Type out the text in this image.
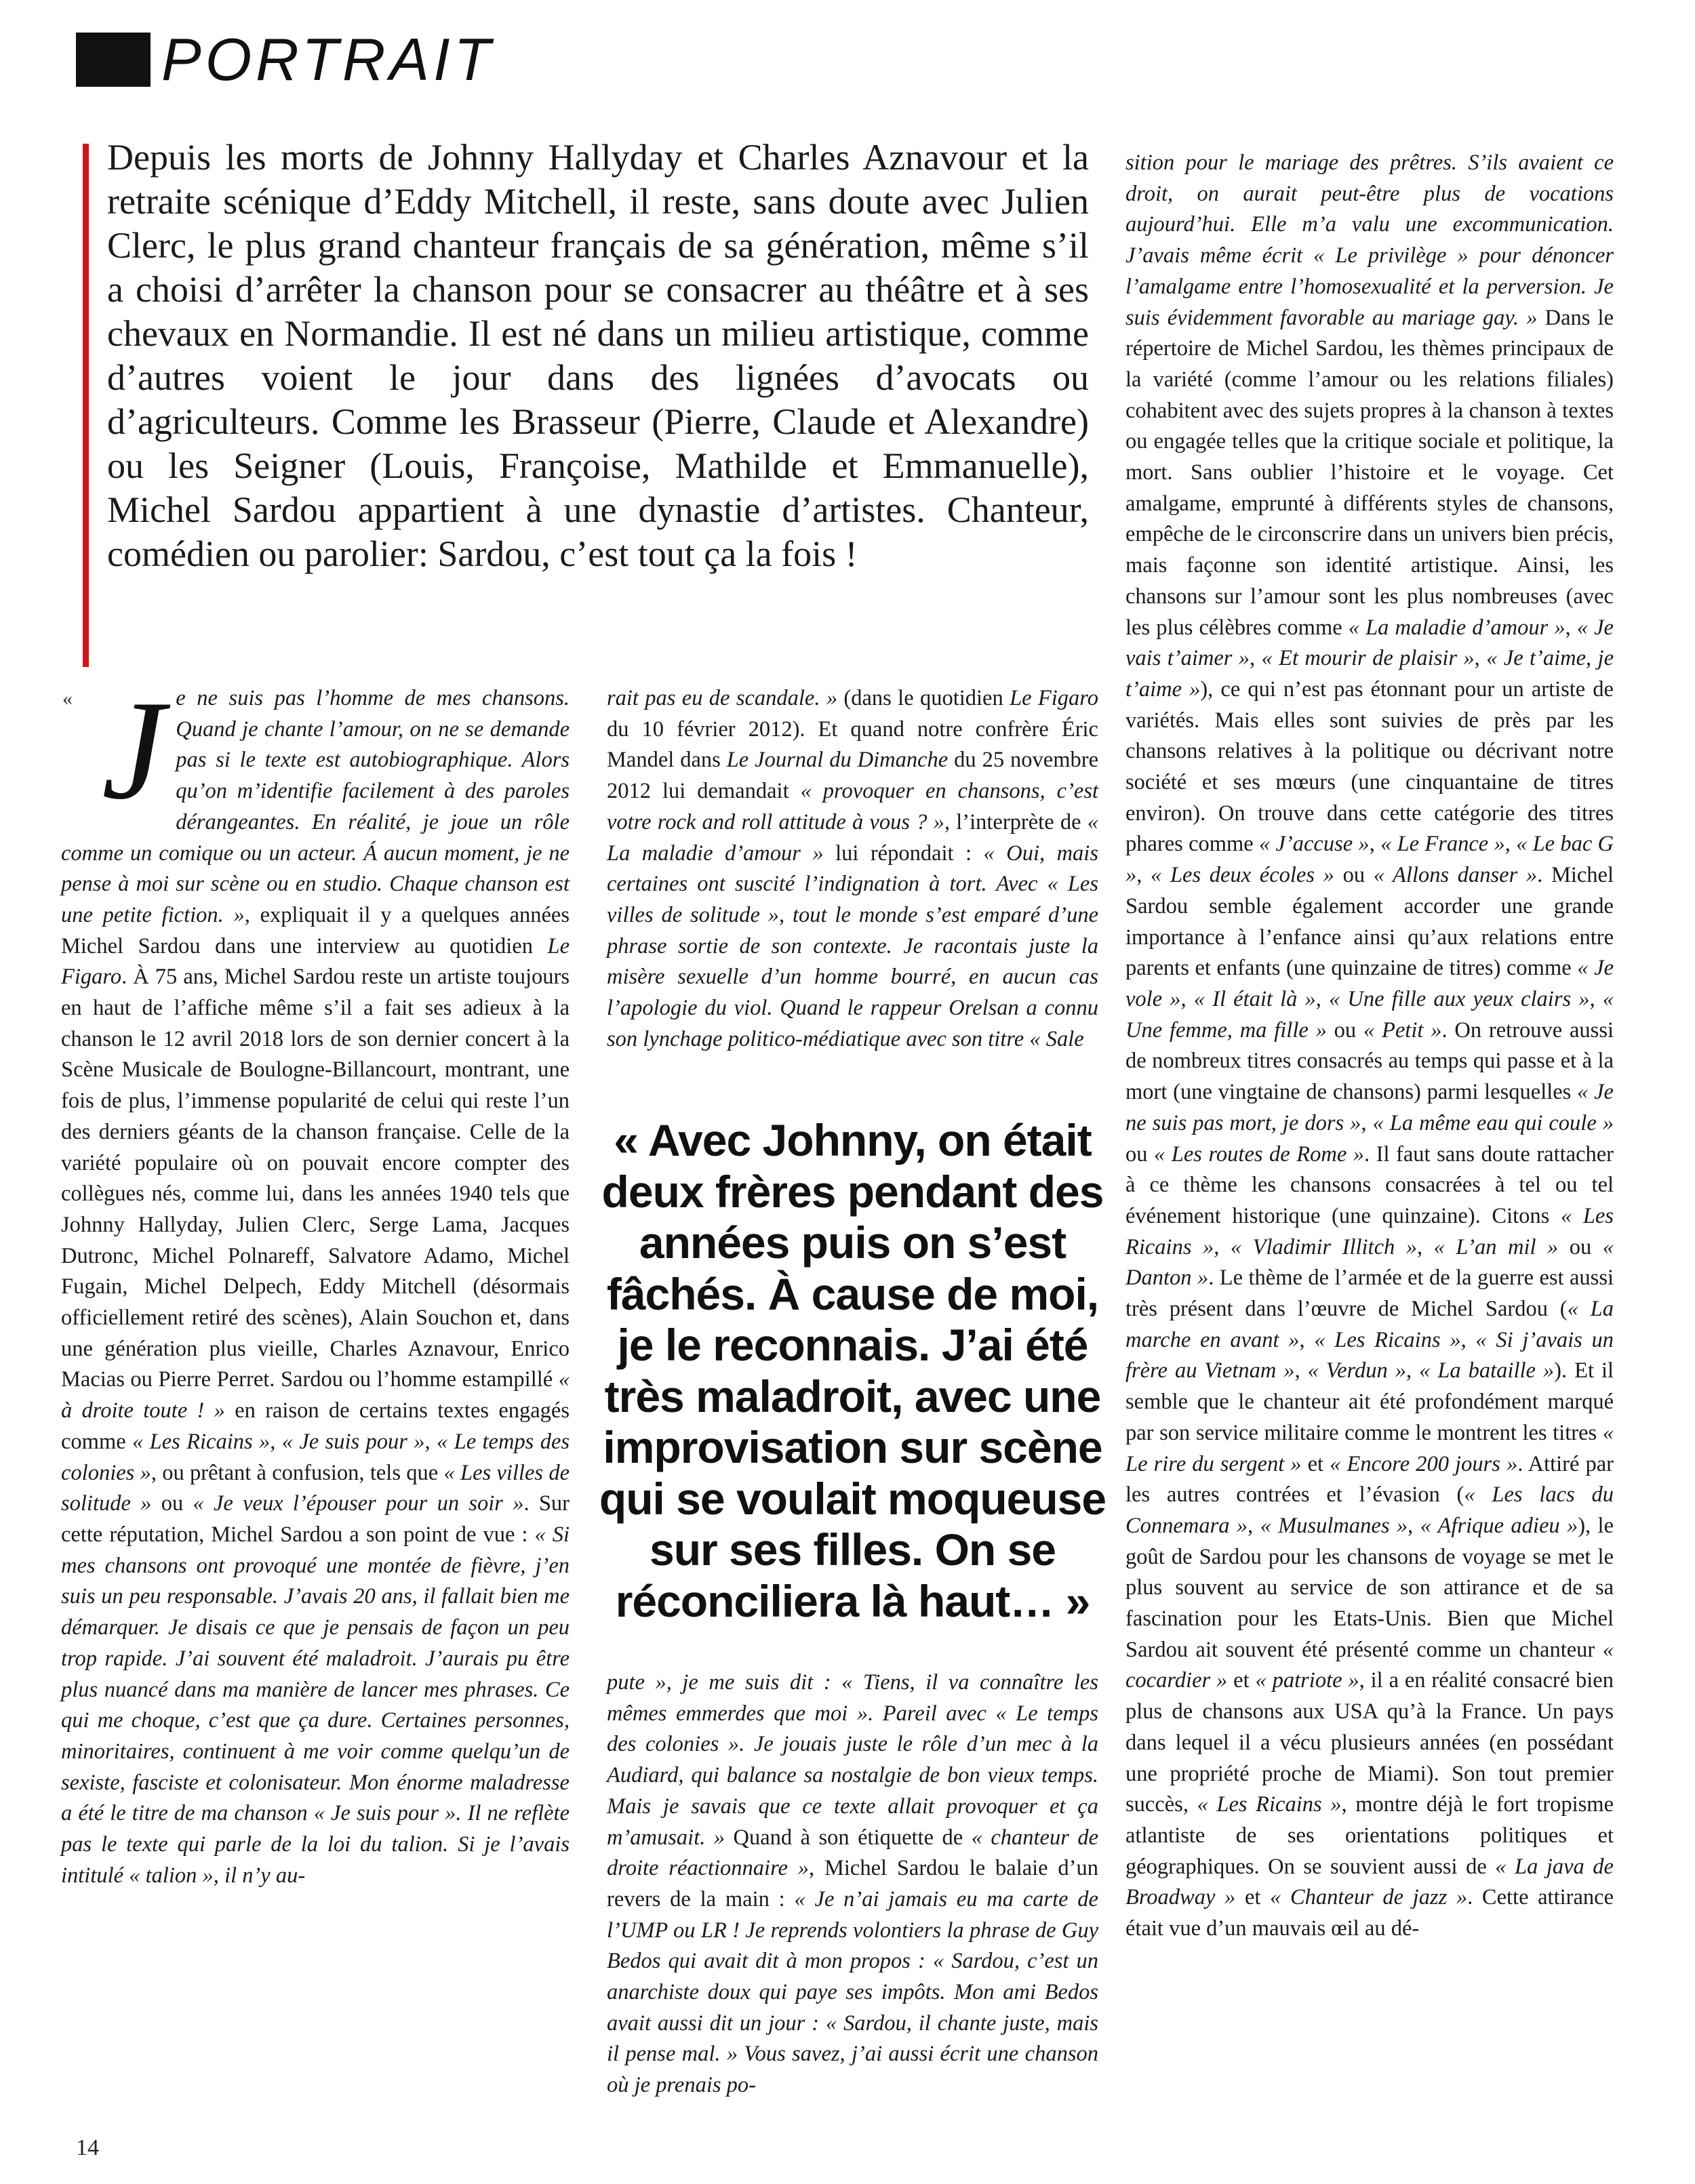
PORTRAIT

Depuis les morts de Johnny Hallyday et Charles Aznavour et la retraite scénique d’Eddy Mitchell, il reste, sans doute avec Julien Clerc, le plus grand chanteur français de sa génération, même s’il a choisi d’arrêter la chanson pour se consacrer au théâtre et à ses chevaux en Normandie. Il est né dans un milieu artistique, comme d’autres voient le jour dans des lignées d’avocats ou d’agriculteurs. Comme les Brasseur (Pierre, Claude et Alexandre) ou les Seigner (Louis, Françoise, Mathilde et Emmanuelle), Michel Sardou appartient à une dynastie d’artistes. Chanteur, comédien ou parolier: Sardou, c’est tout ça la fois !

« Je ne suis pas l’homme de mes chansons. Quand je chante l’amour, on ne se demande pas si le texte est autobiographique. Alors qu’on m’identifie facilement à des paroles dérangeantes. En réalité, je joue un rôle comme un comique ou un acteur. Á aucun moment, je ne pense à moi sur scène ou en studio. Chaque chanson est une petite fiction. », expliquait il y a quelques années Michel Sardou dans une interview au quotidien Le Figaro. À 75 ans, Michel Sardou reste un artiste toujours en haut de l’affiche même s’il a fait ses adieux à la chanson le 12 avril 2018 lors de son dernier concert à la Scène Musicale de Boulogne-Billancourt, montrant, une fois de plus, l’immense popularité de celui qui reste l’un des derniers géants de la chanson française. Celle de la variété populaire où on pouvait encore compter des collègues nés, comme lui, dans les années 1940 tels que Johnny Hallyday, Julien Clerc, Serge Lama, Jacques Dutronc, Michel Polnareff, Salvatore Adamo, Michel Fugain, Michel Delpech, Eddy Mitchell (désormais officiellement retiré des scènes), Alain Souchon et, dans une génération plus vieille, Charles Aznavour, Enrico Macias ou Pierre Perret. Sardou ou l’homme estampillé « à droite toute ! » en raison de certains textes engagés comme « Les Ricains », « Je suis pour », « Le temps des colonies », ou prêtant à confusion, tels que « Les villes de solitude » ou « Je veux l’épouser pour un soir ». Sur cette réputation, Michel Sardou a son point de vue : « Si mes chansons ont provoqué une montée de fièvre, j’en suis un peu responsable. J’avais 20 ans, il fallait bien me démarquer. Je disais ce que je pensais de façon un peu trop rapide. J’ai souvent été maladroit. J’aurais pu être plus nuancé dans ma manière de lancer mes phrases. Ce qui me choque, c’est que ça dure. Certaines personnes, minoritaires, continuent à me voir comme quelqu’un de sexiste, fasciste et colonisateur. Mon énorme maladresse a été le titre de ma chanson « Je suis pour ». Il ne reflète pas le texte qui parle de la loi du talion. Si je l’avais intitulé « talion », il n’y au-

rait pas eu de scandale. » (dans le quotidien Le Figaro du 10 février 2012). Et quand notre confrère Éric Mandel dans Le Journal du Dimanche du 25 novembre 2012 lui demandait « provoquer en chansons, c’est votre rock and roll attitude à vous ? », l’interprète de « La maladie d’amour » lui répondait : « Oui, mais certaines ont suscité l’indignation à tort. Avec « Les villes de solitude », tout le monde s’est emparé d’une phrase sortie de son contexte. Je racontais juste la misère sexuelle d’un homme bourré, en aucun cas l’apologie du viol. Quand le rappeur Orelsan a connu son lynchage politico-médiatique avec son titre « Sale

« Avec Johnny, on était deux frères pendant des années puis on s’est fâchés. À cause de moi, je le reconnais. J’ai été très maladroit, avec une improvisation sur scène qui se voulait moqueuse sur ses filles. On se réconciliera là haut… »

pute », je me suis dit : « Tiens, il va connaître les mêmes emmerdes que moi ». Pareil avec « Le temps des colonies ». Je jouais juste le rôle d’un mec à la Audiard, qui balance sa nostalgie de bon vieux temps. Mais je savais que ce texte allait provoquer et ça m’amusait. » Quand à son étiquette de « chanteur de droite réactionnaire », Michel Sardou le balaie d’un revers de la main : « Je n’ai jamais eu ma carte de l’UMP ou LR ! Je reprends volontiers la phrase de Guy Bedos qui avait dit à mon propos : « Sardou, c’est un anarchiste doux qui paye ses impôts. Mon ami Bedos avait aussi dit un jour : « Sardou, il chante juste, mais il pense mal. » Vous savez, j’ai aussi écrit une chanson où je prenais po-

sition pour le mariage des prêtres. S’ils avaient ce droit, on aurait peut-être plus de vocations aujourd’hui. Elle m’a valu une excommunication. J’avais même écrit « Le privilège » pour dénoncer l’amalgame entre l’homosexualité et la perversion. Je suis évidemment favorable au mariage gay. » Dans le répertoire de Michel Sardou, les thèmes principaux de la variété (comme l’amour ou les relations filiales) cohabitent avec des sujets propres à la chanson à textes ou engagée telles que la critique sociale et politique, la mort. Sans oublier l’histoire et le voyage. Cet amalgame, emprunté à différents styles de chansons, empêche de le circonscrire dans un univers bien précis, mais façonne son identité artistique. Ainsi, les chansons sur l’amour sont les plus nombreuses (avec les plus célèbres comme « La maladie d’amour », « Je vais t’aimer », « Et mourir de plaisir », « Je t’aime, je t’aime »), ce qui n’est pas étonnant pour un artiste de variétés. Mais elles sont suivies de près par les chansons relatives à la politique ou décrivant notre société et ses mœurs (une cinquantaine de titres environ). On trouve dans cette catégorie des titres phares comme « J’accuse », « Le France », « Le bac G », « Les deux écoles » ou « Allons danser ». Michel Sardou semble également accorder une grande importance à l’enfance ainsi qu’aux relations entre parents et enfants (une quinzaine de titres) comme « Je vole », « Il était là », « Une fille aux yeux clairs », « Une femme, ma fille » ou « Petit ». On retrouve aussi de nombreux titres consacrés au temps qui passe et à la mort (une vingtaine de chansons) parmi lesquelles « Je ne suis pas mort, je dors », « La même eau qui coule » ou « Les routes de Rome ». Il faut sans doute rattacher à ce thème les chansons consacrées à tel ou tel événement historique (une quinzaine). Citons « Les Ricains », « Vladimir Illitch », « L’an mil » ou « Danton ». Le thème de l’armée et de la guerre est aussi très présent dans l’œuvre de Michel Sardou (« La marche en avant », « Les Ricains », « Si j’avais un frère au Vietnam », « Verdun », « La bataille »). Et il semble que le chanteur ait été profondément marqué par son service militaire comme le montrent les titres « Le rire du sergent » et « Encore 200 jours ». Attiré par les autres contrées et l’évasion (« Les lacs du Connemara », « Musulmanes », « Afrique adieu »), le goût de Sardou pour les chansons de voyage se met le plus souvent au service de son attirance et de sa fascination pour les Etats-Unis. Bien que Michel Sardou ait souvent été présenté comme un chanteur « cocardier » et « patriote », il a en réalité consacré bien plus de chansons aux USA qu’à la France. Un pays dans lequel il a vécu plusieurs années (en possédant une propriété proche de Miami). Son tout premier succès, « Les Ricains », montre déjà le fort tropisme atlantiste de ses orientations politiques et géographiques. On se souvient aussi de « La java de Broadway » et « Chanteur de jazz ». Cette attirance était vue d’un mauvais œil au dé-

14
